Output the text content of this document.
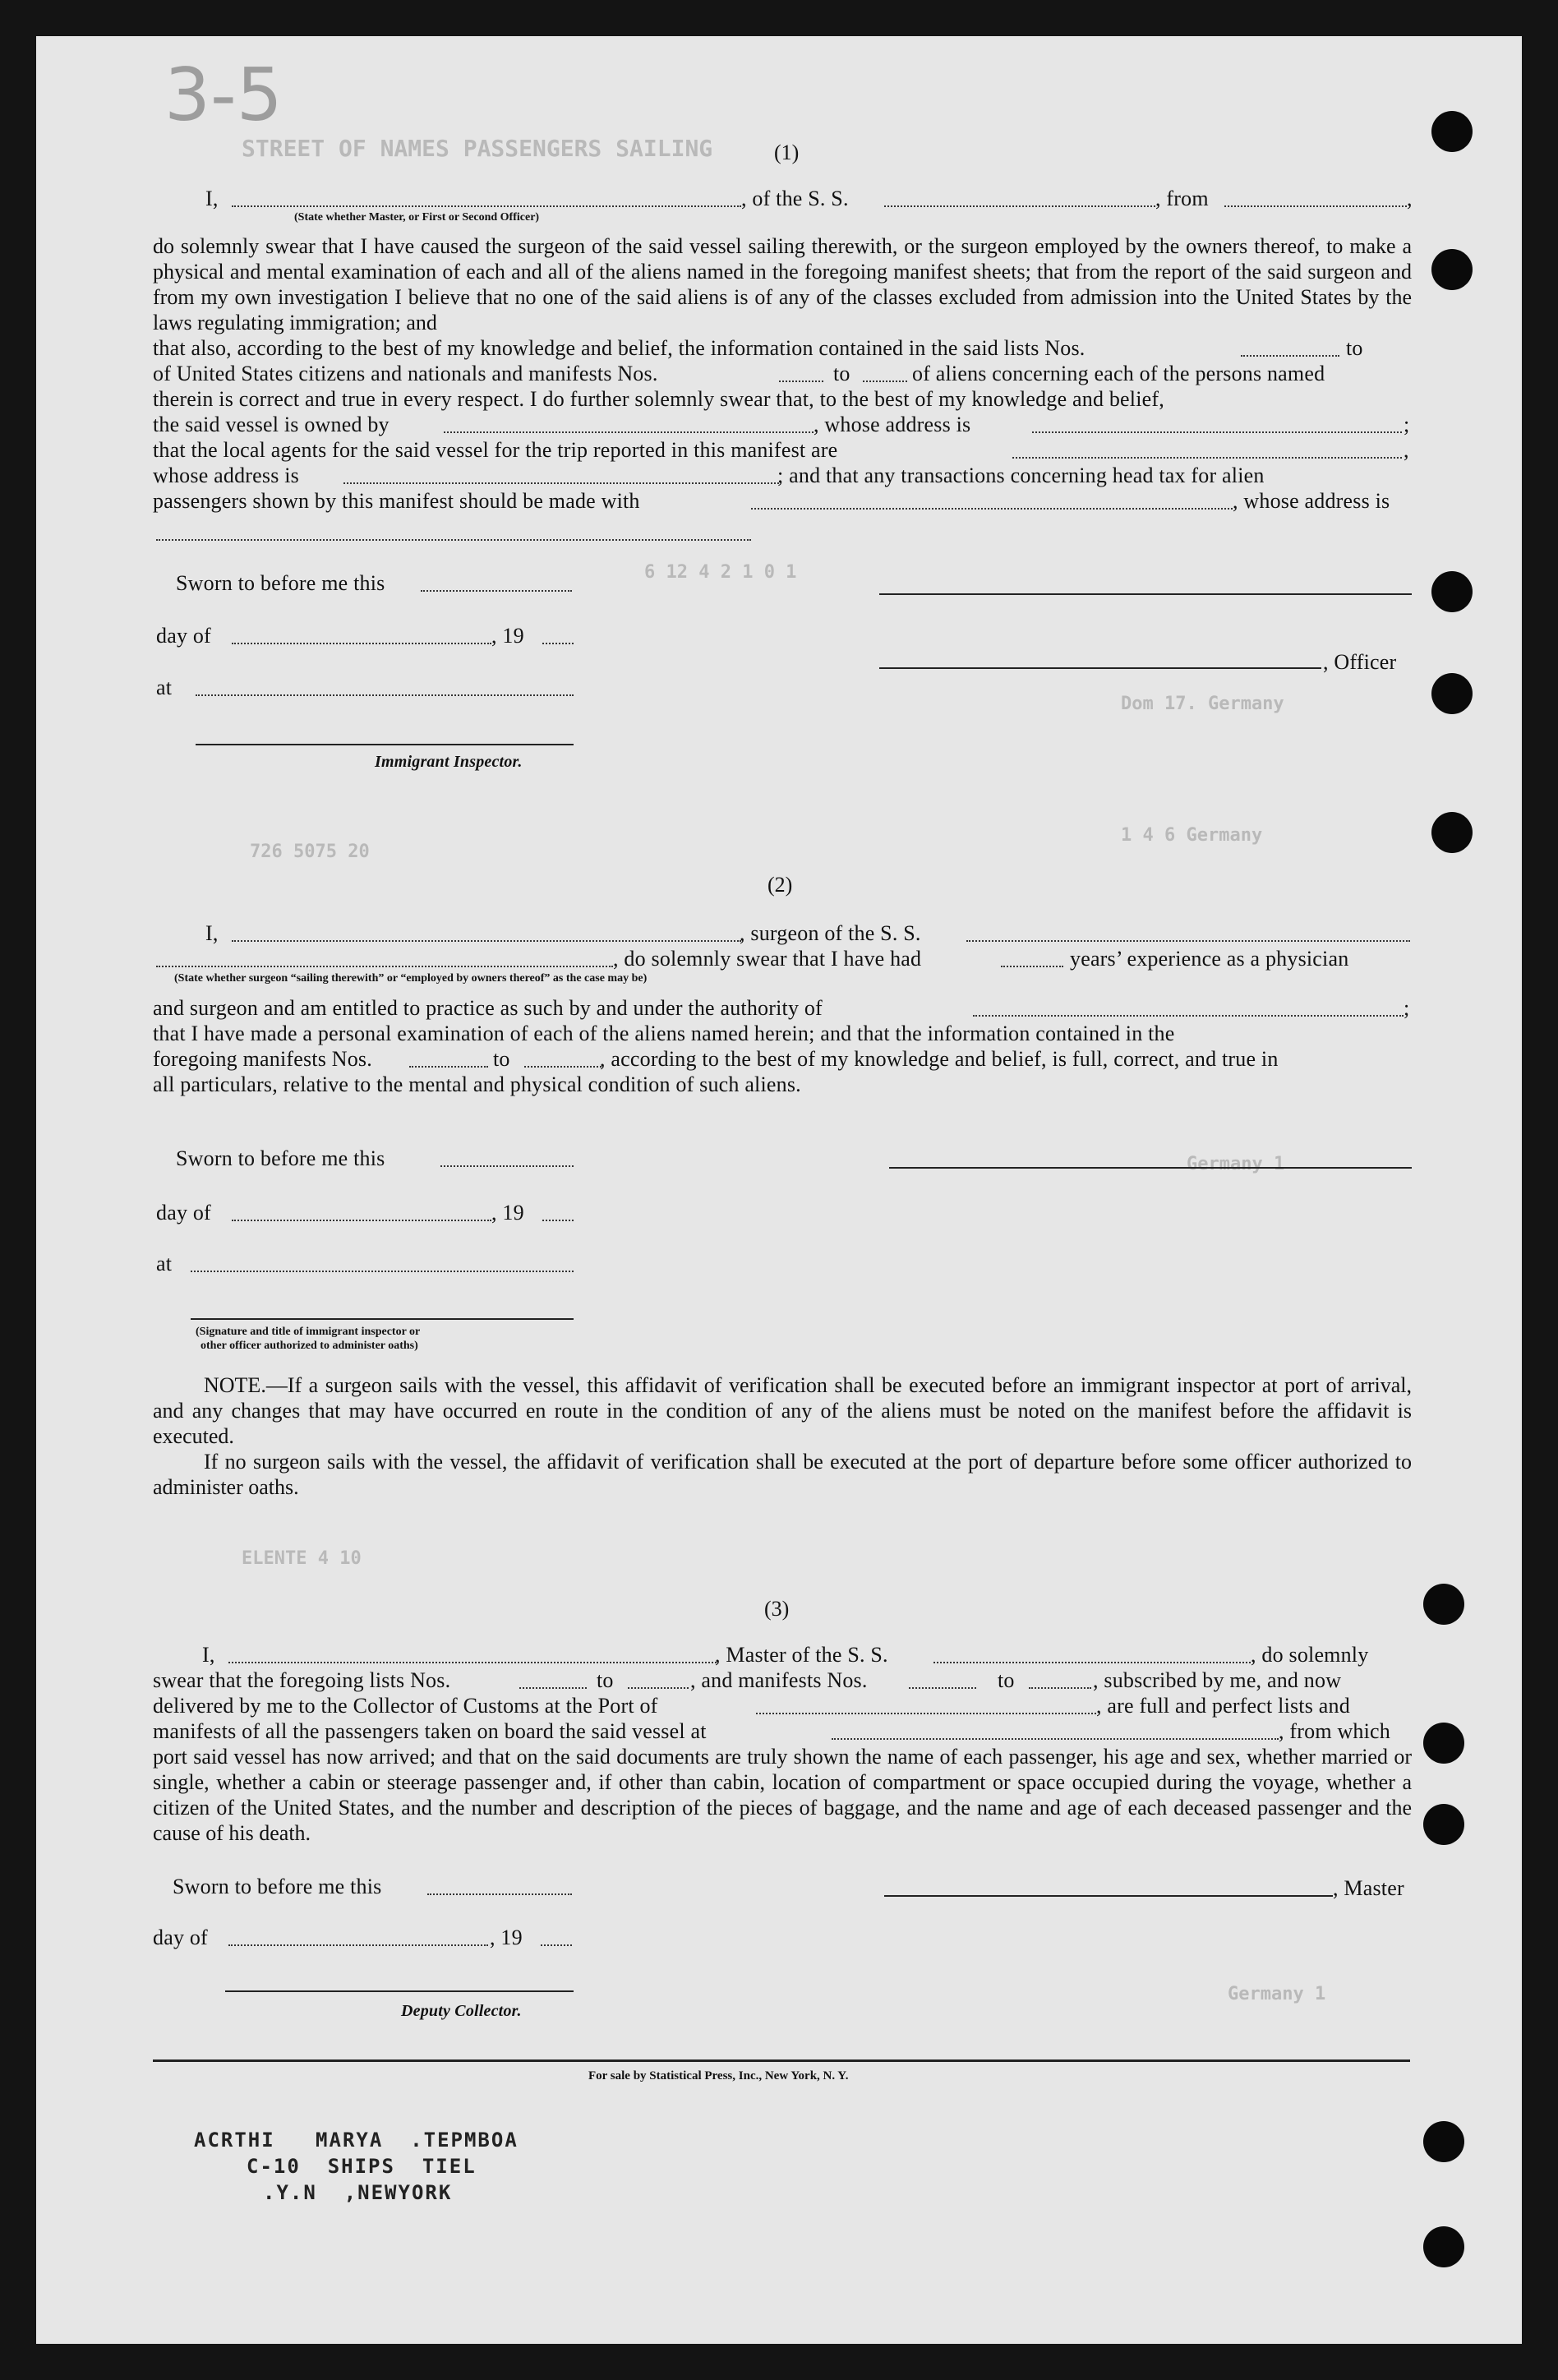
STREET OF NAMES PASSENGERS SAILING
6 12 4 2 1 0 1
Dom 17. Germany
1 4 6 Germany
726 5075 20
Germany 1
ELENTE 4 10
Germany 1
3-5
(1)
I,	, of the S. S.	, from	,
(State whether Master, or First or Second Officer)
do solemnly swear that I have caused the surgeon of the said vessel sailing therewith, or the surgeon employed by the owners thereof, to make a physical and mental examination of each and all of the aliens named in the foregoing manifest sheets; that from the report of the said surgeon and from my own investigation I believe that no one of the said aliens is of any of the classes excluded from admission into the United States by the laws regulating immigration; and
that also, according to the best of my knowledge and belief, the information contained in the said lists Nos.	to
of United States citizens and nationals and manifests Nos.	to	of aliens concerning each of the persons named
therein is correct and true in every respect. I do further solemnly swear that, to the best of my knowledge and belief,
the said vessel is owned by	, whose address is	;
that the local agents for the said vessel for the trip reported in this manifest are	,
whose address is	; and that any transactions concerning head tax for alien
passengers shown by this manifest should be made with	, whose address is
Sworn to before me this
day of	, 19
, Officer
at
Immigrant Inspector.
(2)
I,	, surgeon of the S. S.
, do solemnly swear that I have had	years’ experience as a physician
(State whether surgeon “sailing therewith” or “employed by owners thereof” as the case may be)
and surgeon and am entitled to practice as such by and under the authority of	;
that I have made a personal examination of each of the aliens named herein; and that the information contained in the
foregoing manifests Nos.	to	, according to the best of my knowledge and belief, is full, correct, and true in
all particulars, relative to the mental and physical condition of such aliens.
Sworn to before me this
day of	, 19
at
(Signature and title of immigrant inspector or
other officer authorized to administer oaths)
NOTE.—If a surgeon sails with the vessel, this affidavit of verification shall be executed before an immigrant inspector at port of arrival, and any changes that may have occurred en route in the condition of any of the aliens must be noted on the manifest before the affidavit is executed.
If no surgeon sails with the vessel, the affidavit of verification shall be executed at the port of departure before some officer authorized to administer oaths.
(3)
I,	, Master of the S. S.	, do solemnly
swear that the foregoing lists Nos.	to	, and manifests Nos.	to	, subscribed by me, and now
delivered by me to the Collector of Customs at the Port of	, are full and perfect lists and
manifests of all the passengers taken on board the said vessel at	, from which
port said vessel has now arrived; and that on the said documents are truly shown the name of each passenger, his age and sex, whether married or single, whether a cabin or steerage passenger and, if other than cabin, location of compartment or space occupied during the voyage, whether a citizen of the United States, and the number and description of the pieces of baggage, and the name and age of each deceased passenger and the cause of his death.
Sworn to before me this	, Master
day of	, 19
Deputy Collector.
For sale by Statistical Press, Inc., New York, N. Y.
ACRTHI   MARYA  .TEPMBOA
C-10  SHIPS  TIEL
.Y.N  ,NEWYORK
